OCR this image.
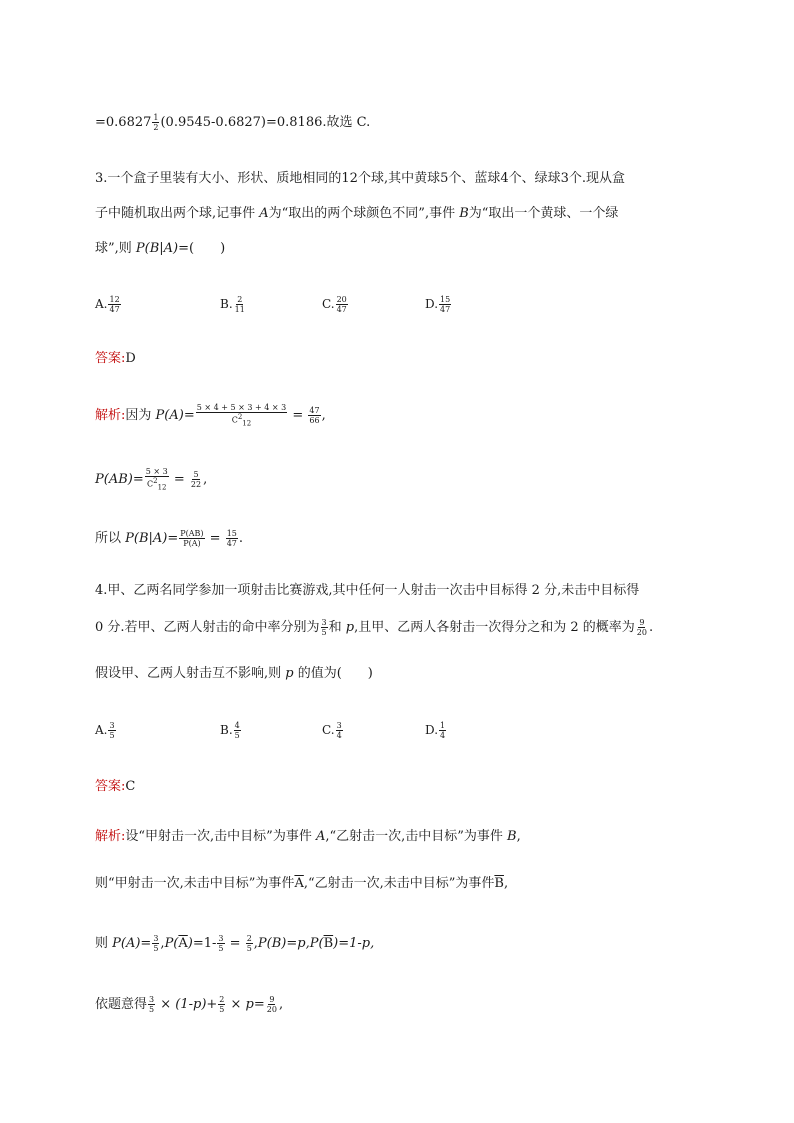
$=0.6827 \frac{1}{2} (0.9545-0.6827)=0.8186$.故选 C.
3.一个盒子里装有大小、形状、质地相同的12个球,其中黄球5个、蓝球4个、绿球3个.现从盒
子中随机取出两个球,记事件 A为“取出的两个球颜色不同”,事件 B为“取出一个黄球、一个绿
球”,则 P(B|A)=(　　)
A. $\frac{12}{47}$	B. $\frac{2}{11}$	C. $\frac{20}{47}$	D. $\frac{15}{47}$
答案:D
解析:因为 $P(A)= \frac{5 \times 4 + 5 \times 3 + 4 \times 3}{C212} = \frac{47}{66}$ ,
$P(AB)= \frac{5 \times 3}{C212} = \frac{5}{22}$ ,
所以 $P(B|A)= \frac{P(AB)}{P(A)} = \frac{15}{47}$ .
4.甲、乙两名同学参加一项射击比赛游戏,其中任何一人射击一次击中目标得 2 分,未击中目标得
0 分.若甲、乙两人射击的命中率分别为 $\frac{3}{5}$ 和 p,且甲、乙两人各射击一次得分之和为 2 的概率为 $\frac{9}{20}$ .
假设甲、乙两人射击互不影响,则 p 的值为(　　)
A. $\frac{3}{5}$	B. $\frac{4}{5}$	C. $\frac{3}{4}$	D. $\frac{1}{4}$
答案:C
解析:设“甲射击一次,击中目标”为事件 A,“乙射击一次,击中目标”为事件 B,
则“甲射击一次,未击中目标”为事件$\overline{A},“$乙射击一次,未击中目标”为事件$\overline{B}$,
则 $P(A)= \frac{3}{5} ,P(\overline{A})=1- \frac{3}{5} = \frac{2}{5} ,P(B)=p,P(\overline{B})=1-p$,
依题意得 $\frac{3}{5} \times (1-p)+ \frac{2}{5} \times p= \frac{9}{20}$ ,
